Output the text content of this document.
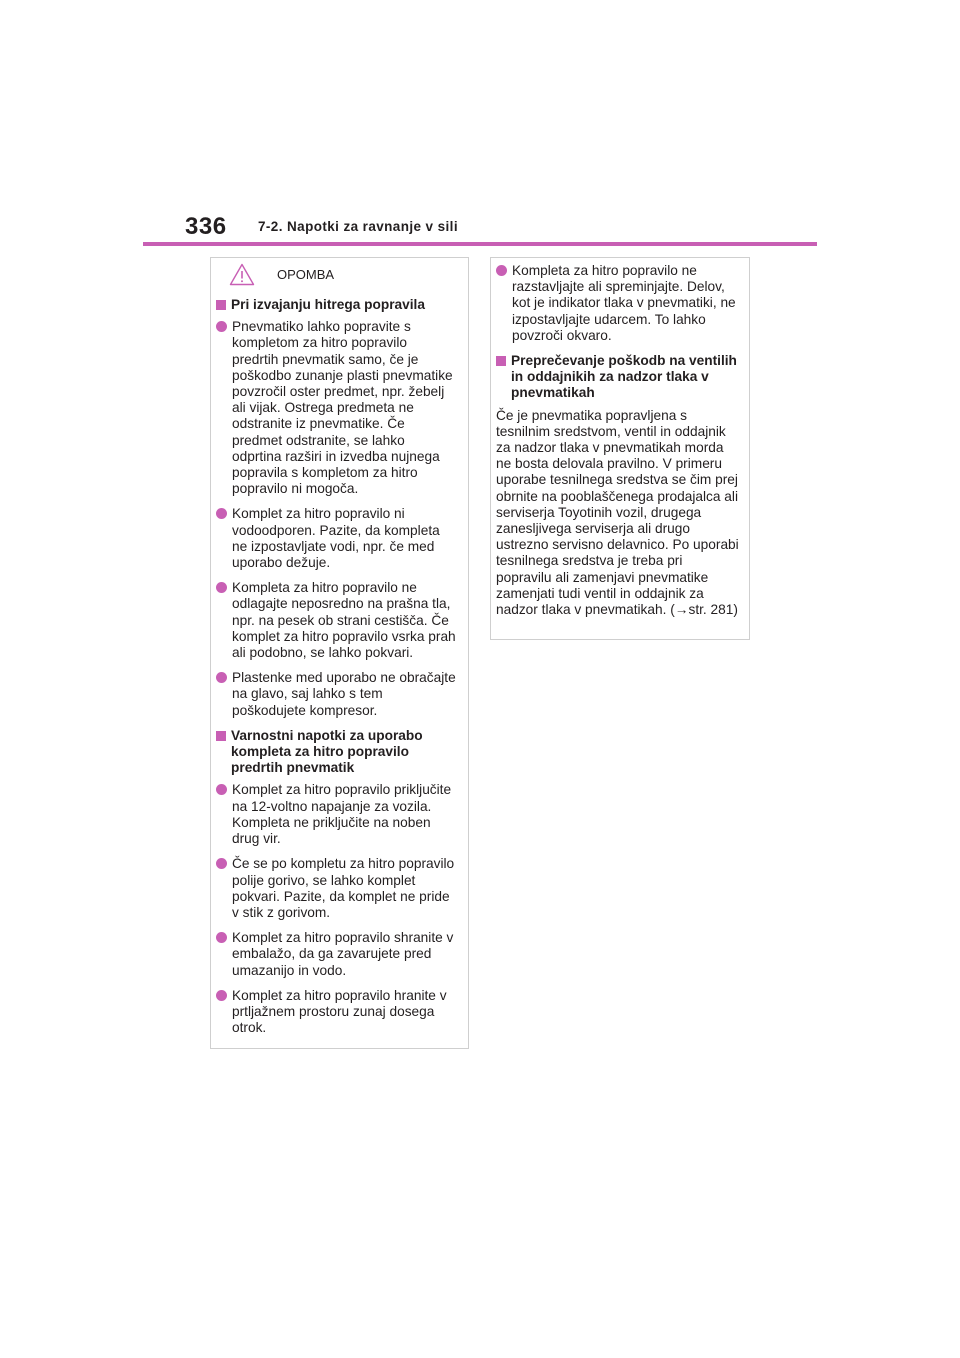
336 7-2. Napotki za ravnanje v sili
OPOMBA
Pri izvajanju hitrega popravila
Pnevmatiko lahko popravite s kompletom za hitro popravilo predrtih pnevmatik samo, če je poškodbo zunanje plasti pnevmatike povzročil oster predmet, npr. žebelj ali vijak. Ostrega predmeta ne odstranite iz pnevmatike. Če predmet odstranite, se lahko odprtina razširi in izvedba nujnega popravila s kompletom za hitro popravilo ni mogoča.
Komplet za hitro popravilo ni vodoodporen. Pazite, da kompleta ne izpostavljate vodi, npr. če med uporabo dežuje.
Kompleta za hitro popravilo ne odlagajte neposredno na prašna tla, npr. na pesek ob strani cestišča. Če komplet za hitro popravilo vsrka prah ali podobno, se lahko pokvari.
Plastenke med uporabo ne obračajte na glavo, saj lahko s tem poškodujete kompresor.
Varnostni napotki za uporabo kompleta za hitro popravilo predrtih pnevmatik
Komplet za hitro popravilo priključite na 12-voltno napajanje za vozila. Kompleta ne priključite na noben drug vir.
Če se po kompletu za hitro popravilo polije gorivo, se lahko komplet pokvari. Pazite, da komplet ne pride v stik z gorivom.
Komplet za hitro popravilo shranite v embalažo, da ga zavarujete pred umazanijo in vodo.
Komplet za hitro popravilo hranite v prtljažnem prostoru zunaj dosega otrok.
Kompleta za hitro popravilo ne razstavljajte ali spreminjajte. Delov, kot je indikator tlaka v pnevmatiki, ne izpostavljajte udarcem. To lahko povzroči okvaro.
Preprečevanje poškodb na ventilih in oddajnikih za nadzor tlaka v pnevmatikah

Če je pnevmatika popravljena s tesnilnim sredstvom, ventil in oddajnik za nadzor tlaka v pnevmatikah morda ne bosta delovala pravilno. V primeru uporabe tesnilnega sredstva se čim prej obrnite na pooblaščenega prodajalca ali serviserja Toyotinih vozil, drugega zanesljivega serviserja ali drugo ustrezno servisno delavnico. Po uporabi tesnilnega sredstva je treba pri popravilu ali zamenjavi pnevmatike zamenjati tudi ventil in oddajnik za nadzor tlaka v pnevmatikah. (→str. 281)
